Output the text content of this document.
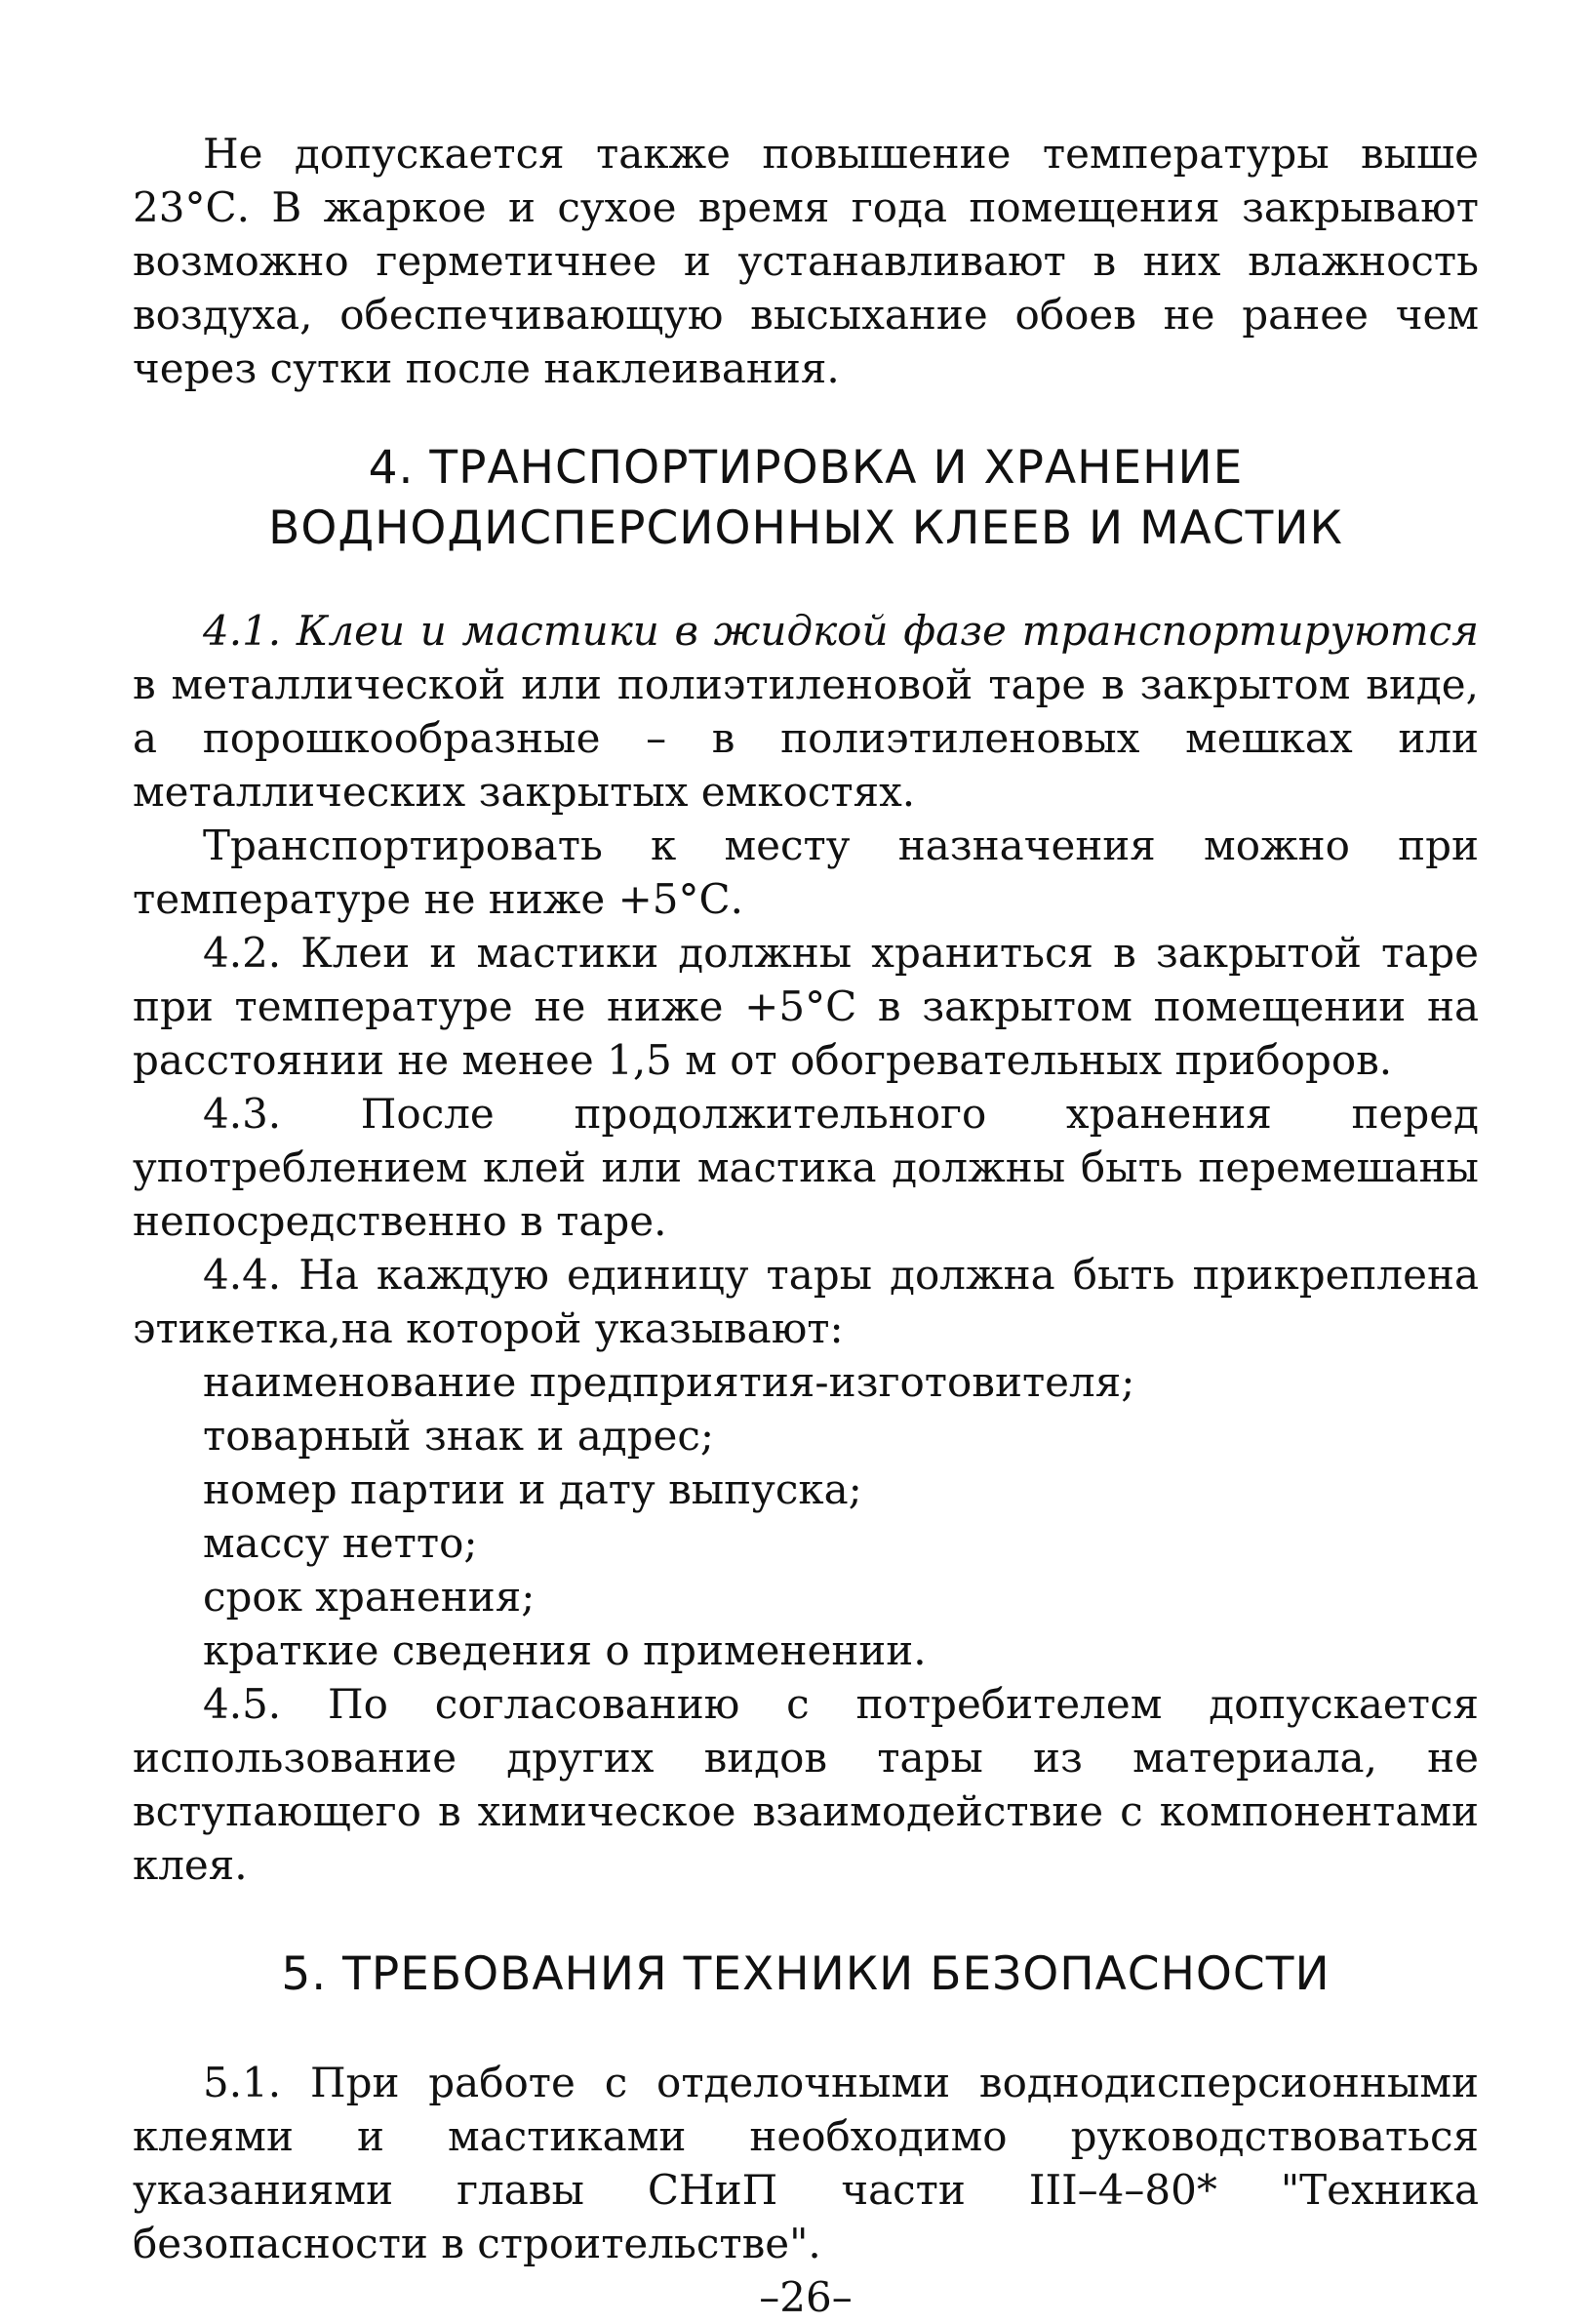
Не допускается также повышение температуры выше 23°С. В жаркое и сухое время года помещения закрывают возможно герметичнее и устанавливают в них влажность воздуха, обеспечивающую высыхание обоев не ранее чем через сутки после наклеивания.

4. ТРАНСПОРТИРОВКА И ХРАНЕНИЕ

ВОДНОДИСПЕРСИОННЫХ КЛЕЕВ И МАСТИК

4.1. Клеи и мастики в жидкой фазе транспортируются в металлической или полиэтиленовой таре в закрытом виде, а порошкообразные – в полиэтиленовых мешках или металлических закрытых емкостях.

Транспортировать к месту назначения можно при температуре не ниже +5°С.

4.2. Клеи и мастики должны храниться в закрытой таре при температуре не ниже +5°С в закрытом помещении на расстоянии не менее 1,5 м от обогревательных приборов.

4.3. После продолжительного хранения перед употреблением клей или мастика должны быть перемешаны непосредственно в таре.

4.4. На каждую единицу тары должна быть прикреплена этикетка,на которой указывают:

наименование предприятия-изготовителя;

товарный знак и адрес;

номер партии и дату выпуска;

массу нетто;

срок хранения;

краткие сведения о применении.

4.5. По согласованию с потребителем допускается использование других видов тары из материала, не вступающего в химическое взаимодействие с компонентами клея.

5. ТРЕБОВАНИЯ ТЕХНИКИ БЕЗОПАСНОСТИ

5.1. При работе с отделочными воднодисперсионными клеями и мастиками необходимо руководствоваться указаниями главы СНиП части III–4–80* "Техника безопасности в строительстве".

–26–
